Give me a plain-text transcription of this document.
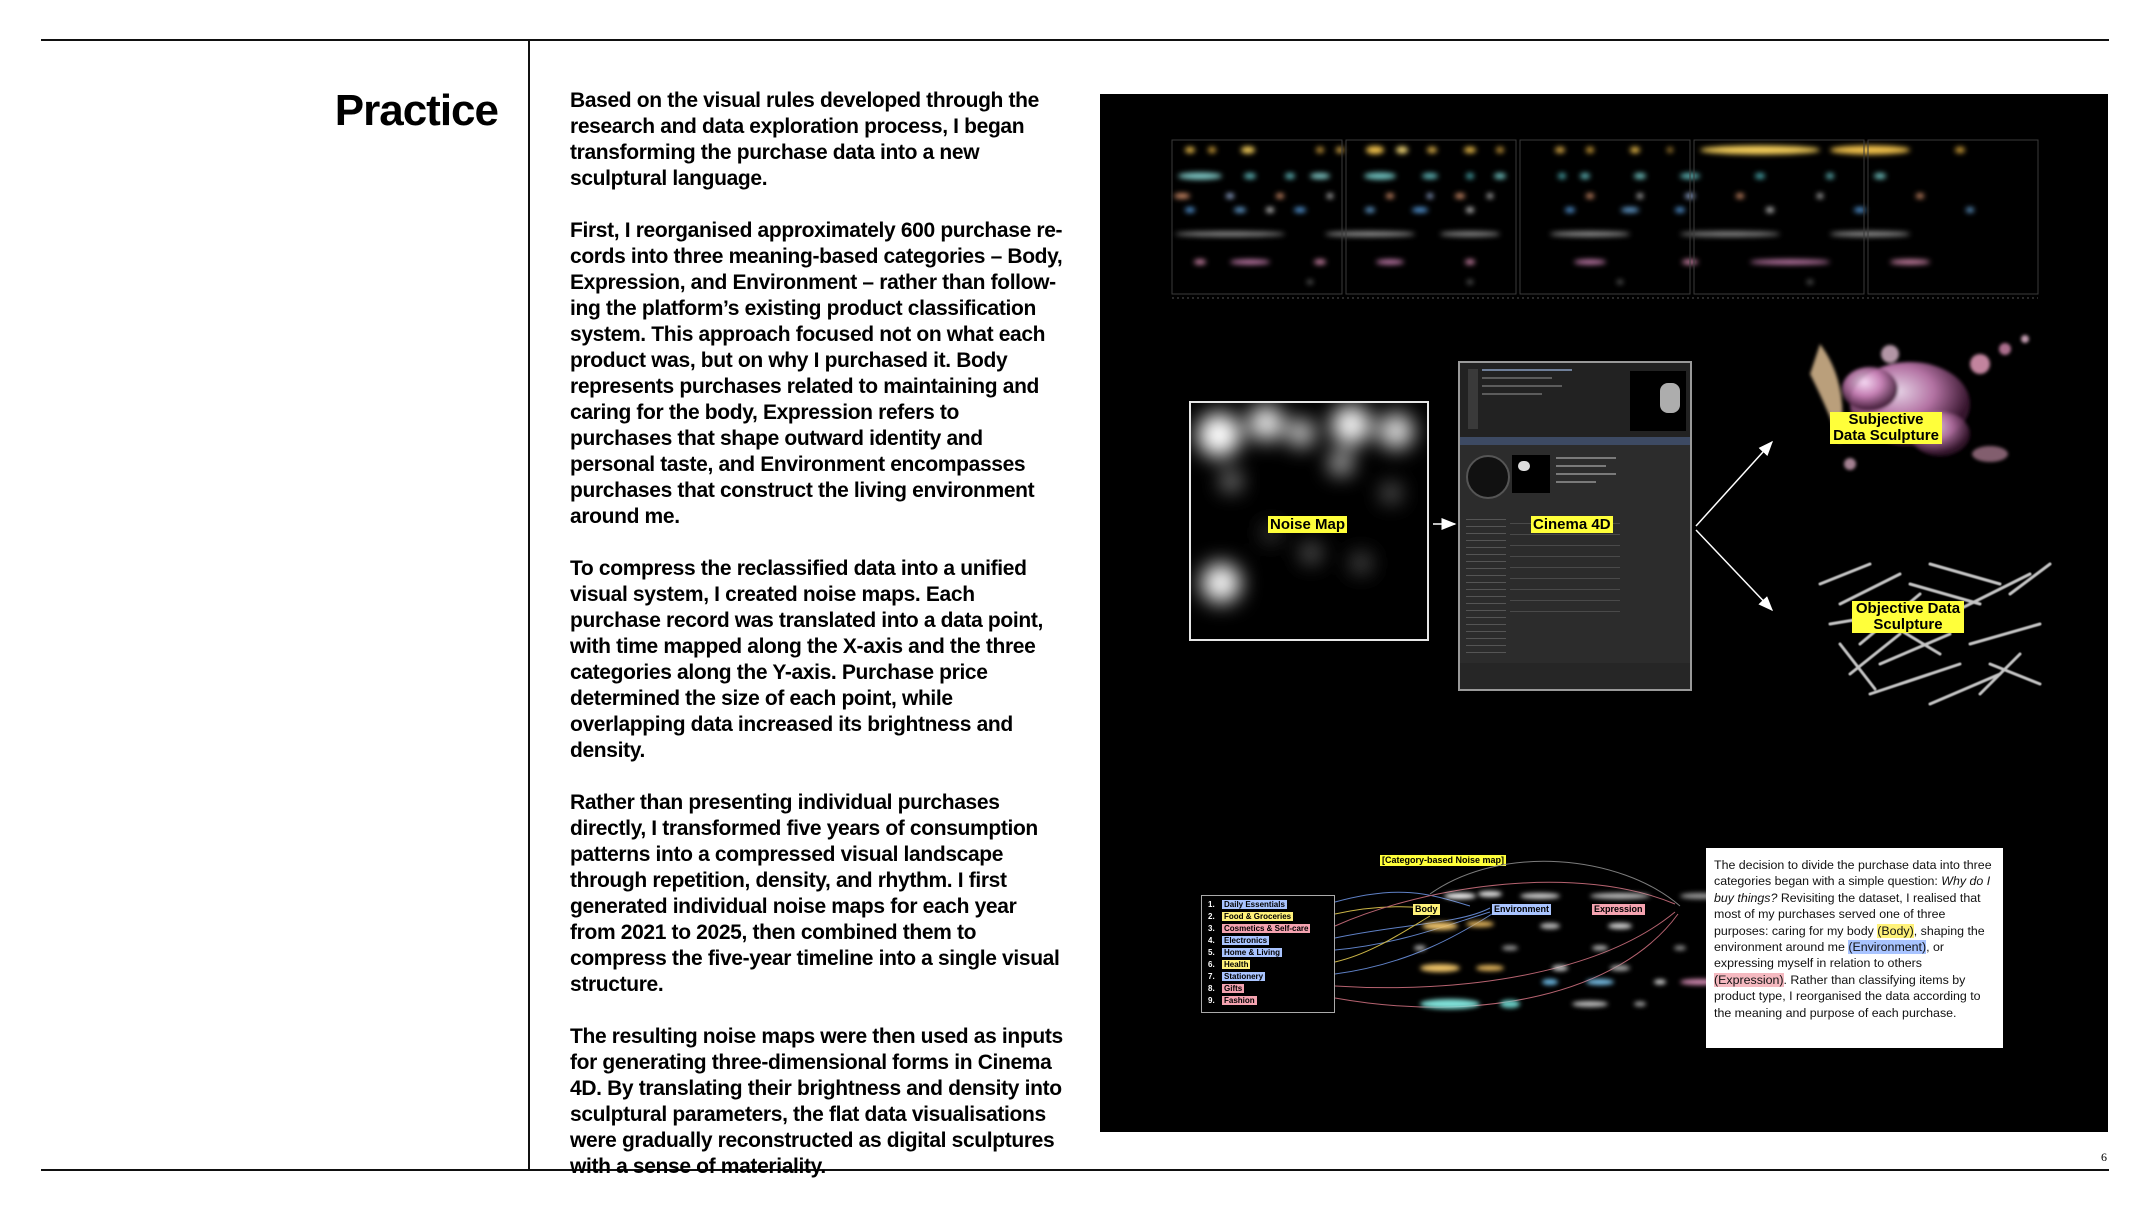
Practice	Based on the visual rules developed through the research and data exploration process, I began transforming the purchase data into a new sculptural language.

First, I reorganised approximately 600 purchase records into three meaning-based categories – Body, Expression, and Environment – rather than following the platform’s existing product classification system. This approach focused not on what each product was, but on why I purchased it. Body represents purchases related to maintaining and caring for the body, Expression refers to purchases that shape outward identity and personal taste, and Environment encompasses purchases that construct the living environment around me.

To compress the reclassified data into a unified visual system, I created noise maps. Each purchase record was translated into a data point, with time mapped along the X-axis and the three categories along the Y-axis. Purchase price determined the size of each point, while overlapping data increased its brightness and density.

Rather than presenting individual purchases directly, I transformed five years of consumption patterns into a compressed visual landscape through repetition, density, and rhythm. I first generated individual noise maps for each year from 2021 to 2025, then combined them to compress the five-year timeline into a single visual structure.

The resulting noise maps were then used as inputs for generating three-dimensional forms in Cinema 4D. By translating their brightness and density into sculptural parameters, the flat data visualisations were gradually reconstructed as digital sculptures with a sense of materiality.

Noise Map	Cinema 4D
Subjective Data Sculpture
Objective Data Sculpture
[Category-based Noise map]
1. Daily Essentials
2. Food & Groceries
3. Cosmetics & Self-care
4. Electronics
5. Home & Living
6. Health
7. Stationery
8. Gifts
9. Fashion
Body	Environment	Expression
The decision to divide the purchase data into three categories began with a simple question: Why do I buy things? Revisiting the dataset, I realised that most of my purchases served one of three purposes: caring for my body (Body), shaping the environment around me (Environment), or expressing myself in relation to others (Expression). Rather than classifying items by product type, I reorganised the data according to the meaning and purpose of each purchase.
6
